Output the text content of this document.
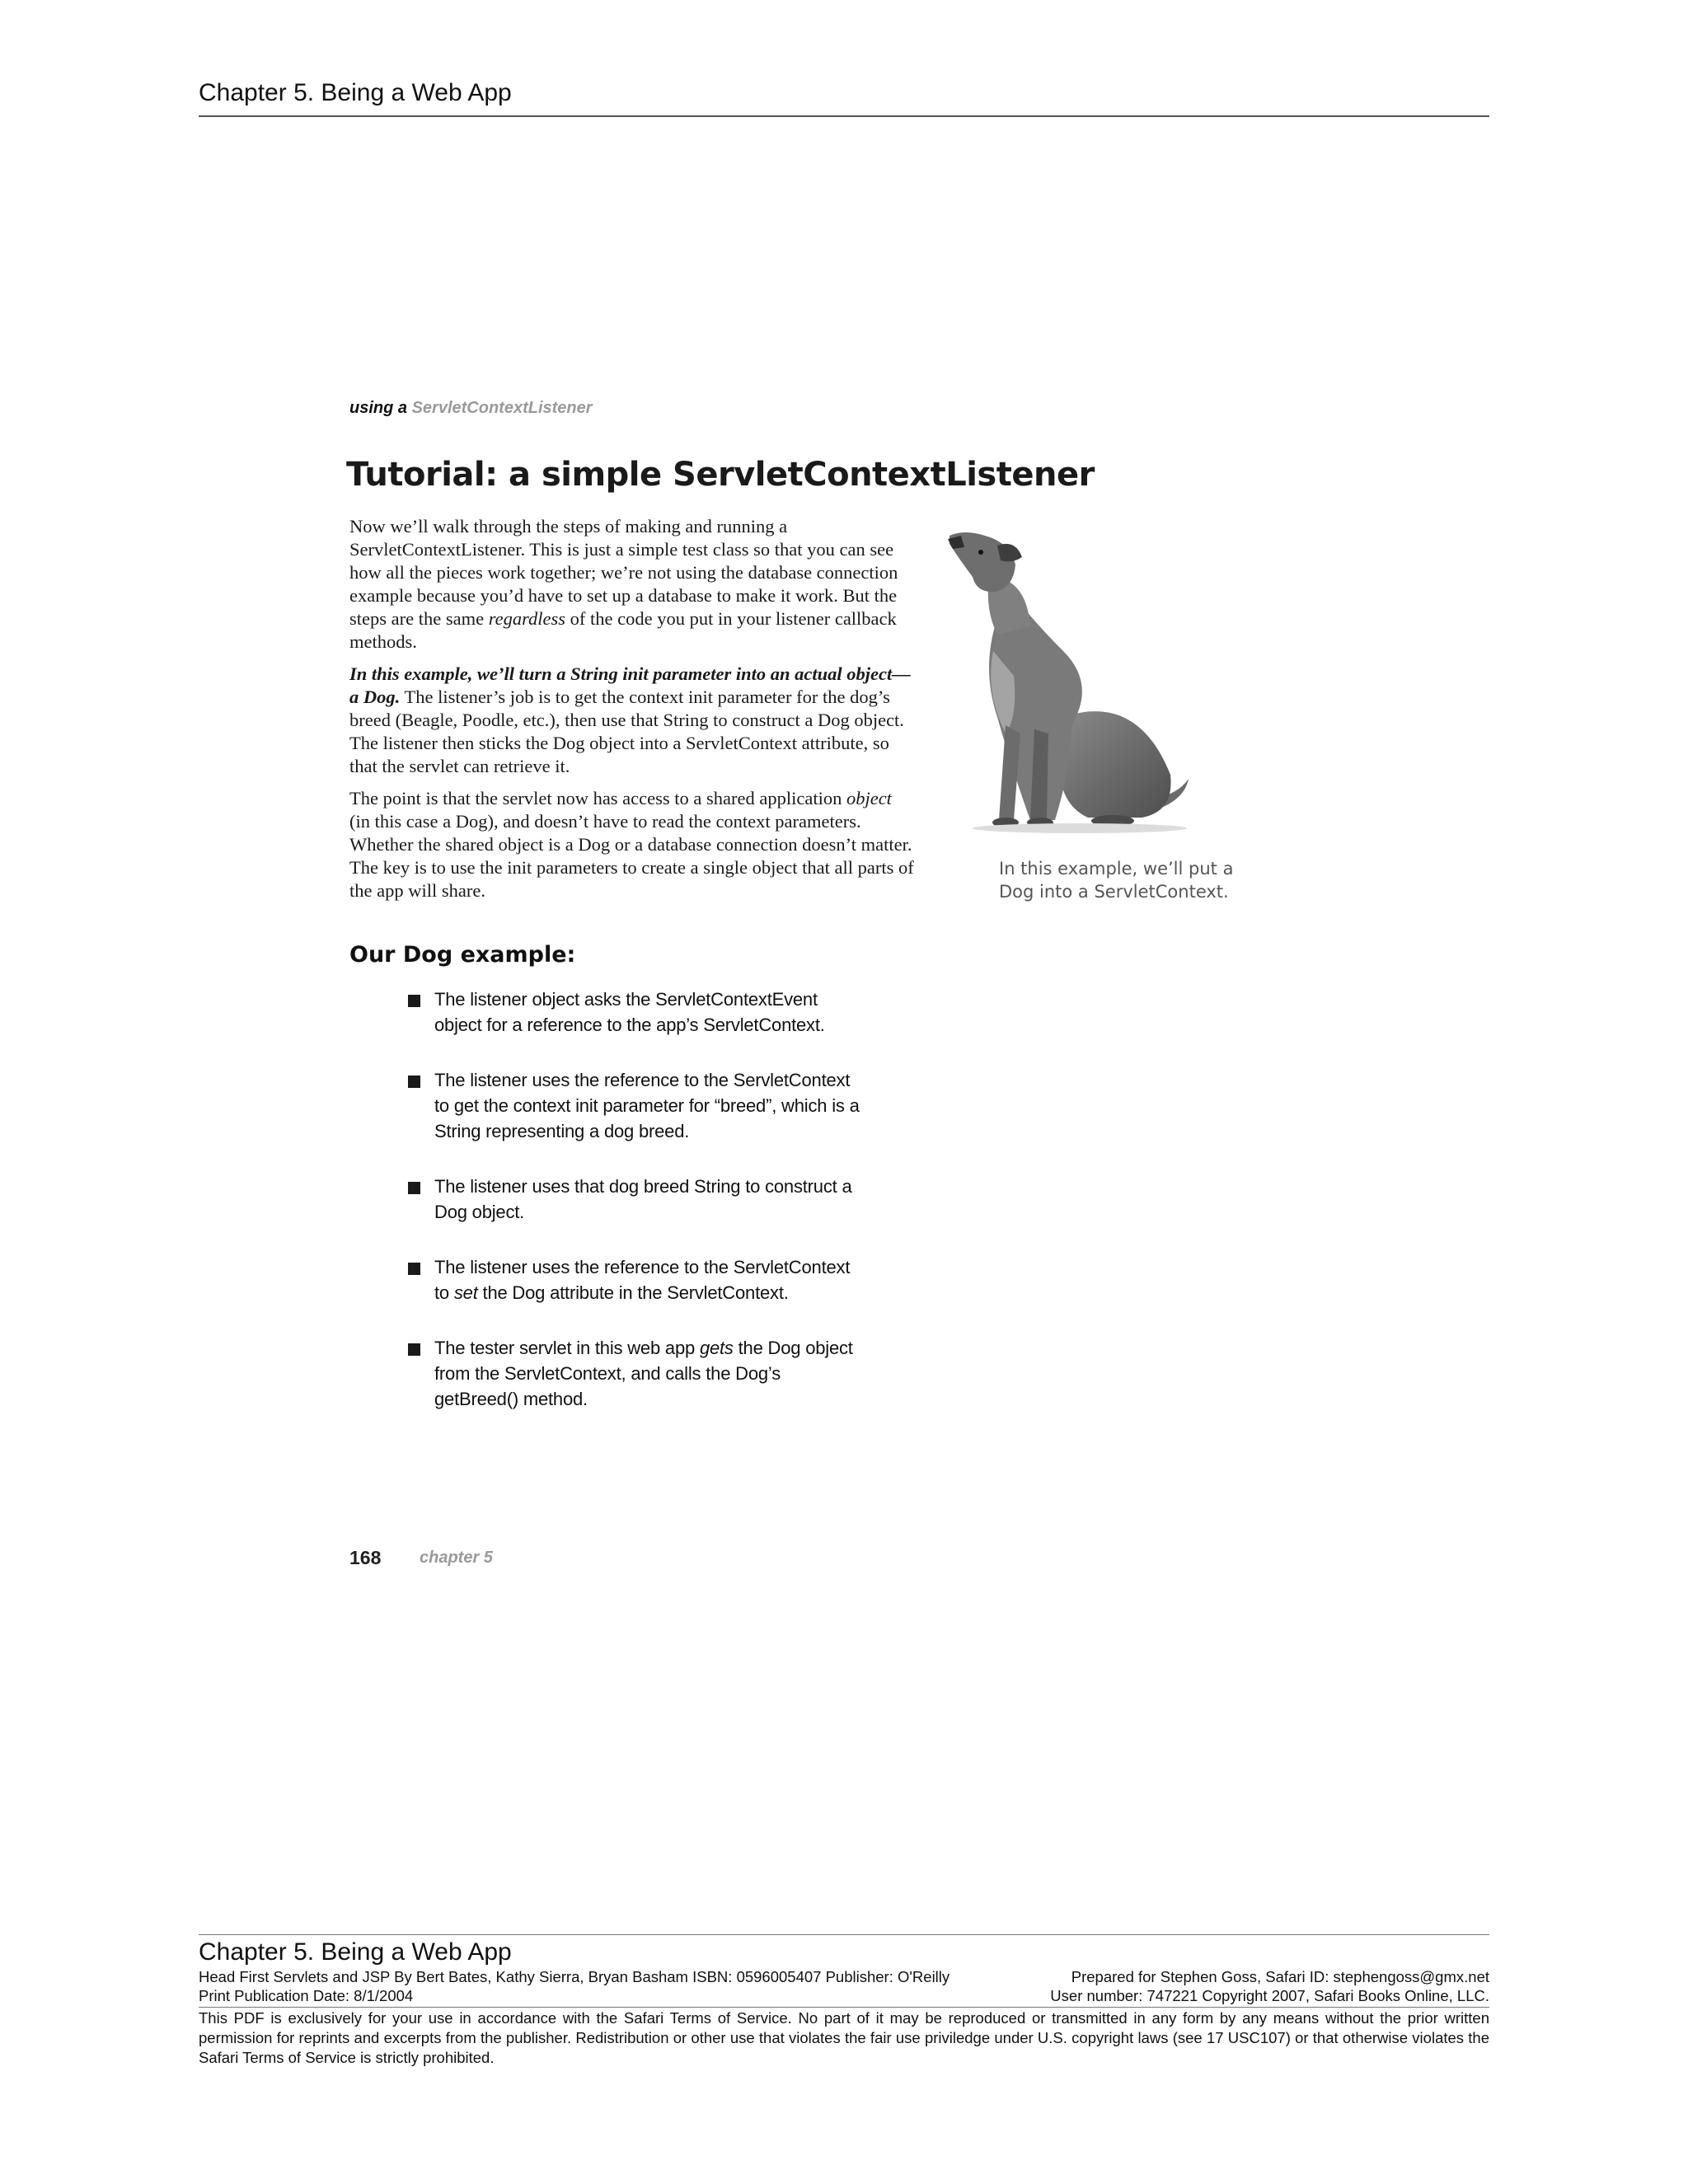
Chapter 5. Being a Web App
using a ServletContextListener
Tutorial: a simple ServletContextListener

Now we’ll walk through the steps of making and running a ServletContextListener. This is just a simple test class so that you can see how all the pieces work together; we’re not using the database connection example because you’d have to set up a database to make it work. But the steps are the same regardless of the code you put in your listener callback methods.

In this example, we’ll turn a String init parameter into an actual object—a Dog. The listener’s job is to get the context init parameter for the dog’s breed (Beagle, Poodle, etc.), then use that String to construct a Dog object. The listener then sticks the Dog object into a ServletContext attribute, so that the servlet can retrieve it.

The point is that the servlet now has access to a shared application object (in this case a Dog), and doesn’t have to read the context parameters. Whether the shared object is a Dog or a database connection doesn’t matter. The key is to use the init parameters to create a single object that all parts of the app will share.

In this example, we’ll put a
Dog into a ServletContext.
Our Dog example:
The listener object asks the ServletContextEvent object for a reference to the app’s ServletContext.
The listener uses the reference to the ServletContext to get the context init parameter for “breed”, which is a String representing a dog breed.
The listener uses that dog breed String to construct a Dog object.
The listener uses the reference to the ServletContext to set the Dog attribute in the ServletContext.
The tester servlet in this web app gets the Dog object from the ServletContext, and calls the Dog’s getBreed() method.
168 chapter 5
Chapter 5. Being a Web App
Head First Servlets and JSP By Bert Bates, Kathy Sierra, Bryan Basham ISBN: 0596005407 Publisher: O'Reilly	Prepared for Stephen Goss, Safari ID: stephengoss@gmx.net
Print Publication Date: 8/1/2004	User number: 747221 Copyright 2007, Safari Books Online, LLC.
This PDF is exclusively for your use in accordance with the Safari Terms of Service. No part of it may be reproduced or transmitted in any form by any means without the prior written permission for reprints and excerpts from the publisher. Redistribution or other use that violates the fair use priviledge under U.S. copyright laws (see 17 USC107) or that otherwise violates the Safari Terms of Service is strictly prohibited.
